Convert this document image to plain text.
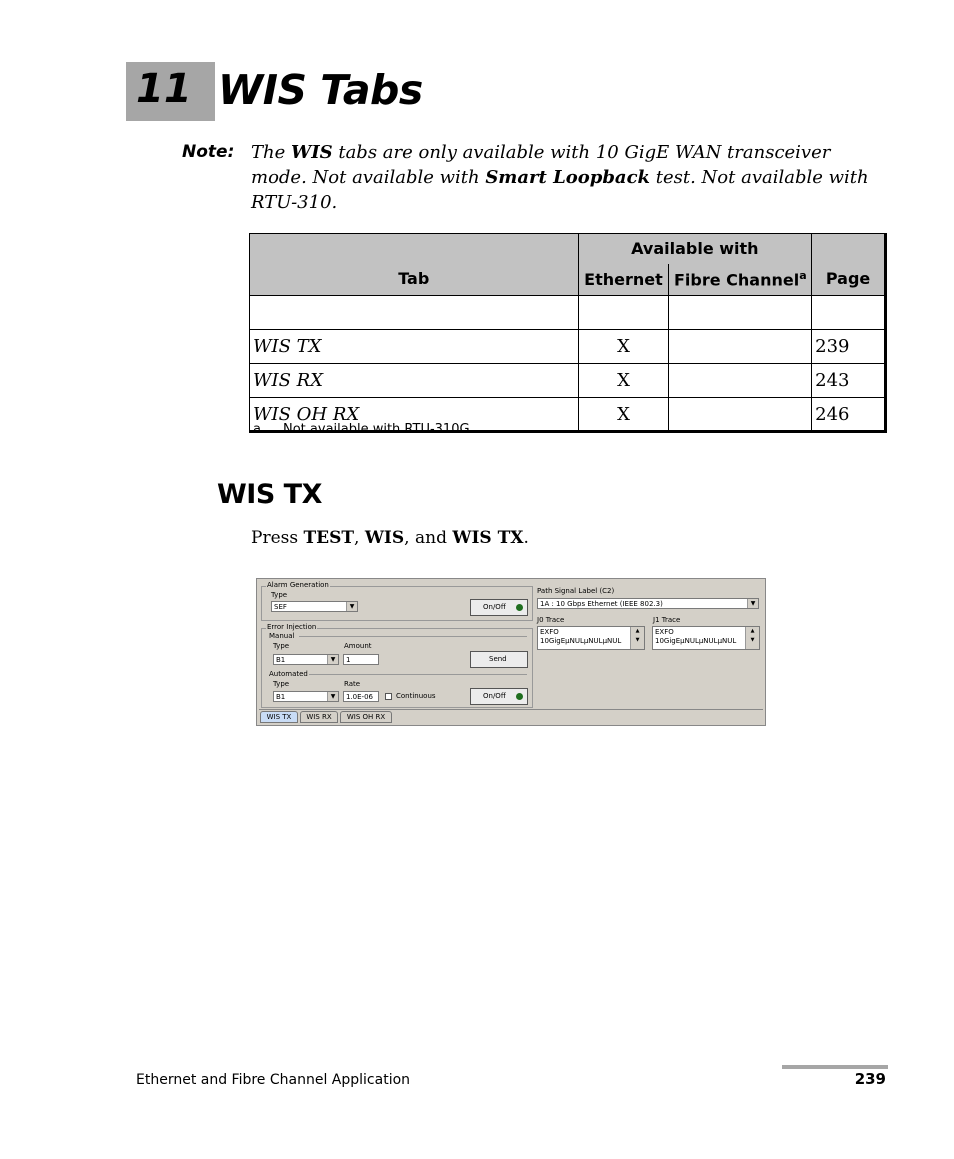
11 WIS Tabs
Note: The WIS tabs are only available with 10 GigE WAN transceiver mode. Not available with Smart Loopback test. Not available with RTU-310.
Tab	Available with		Page
	Ethernet	Fibre Channel$^a$

WIS TX	X		239
WIS RX	X		243
WIS OH RX	X		246
a. Not available with RTU-310G.
WIS TX
Press TEST, WIS, and WIS TX.
Alarm Generation
Type
SEF	▼	On/Off
Error Injection
Manual
Type
B1	▼
Amount
1	Send
Automated
Type
B1	▼
Rate
1.0E-06	Continuous	On/Off
Path Signal Label (C2)
1A : 10 Gbps Ethernet (IEEE 802.3)	▼
J0 Trace
EXFO
10GigEµNULµNULµNUL
▲
▼
J1 Trace
EXFO
10GigEµNULµNULµNUL
▲
▼
WIS TX	WIS RX	WIS OH RX
Ethernet and Fibre Channel Application	239
